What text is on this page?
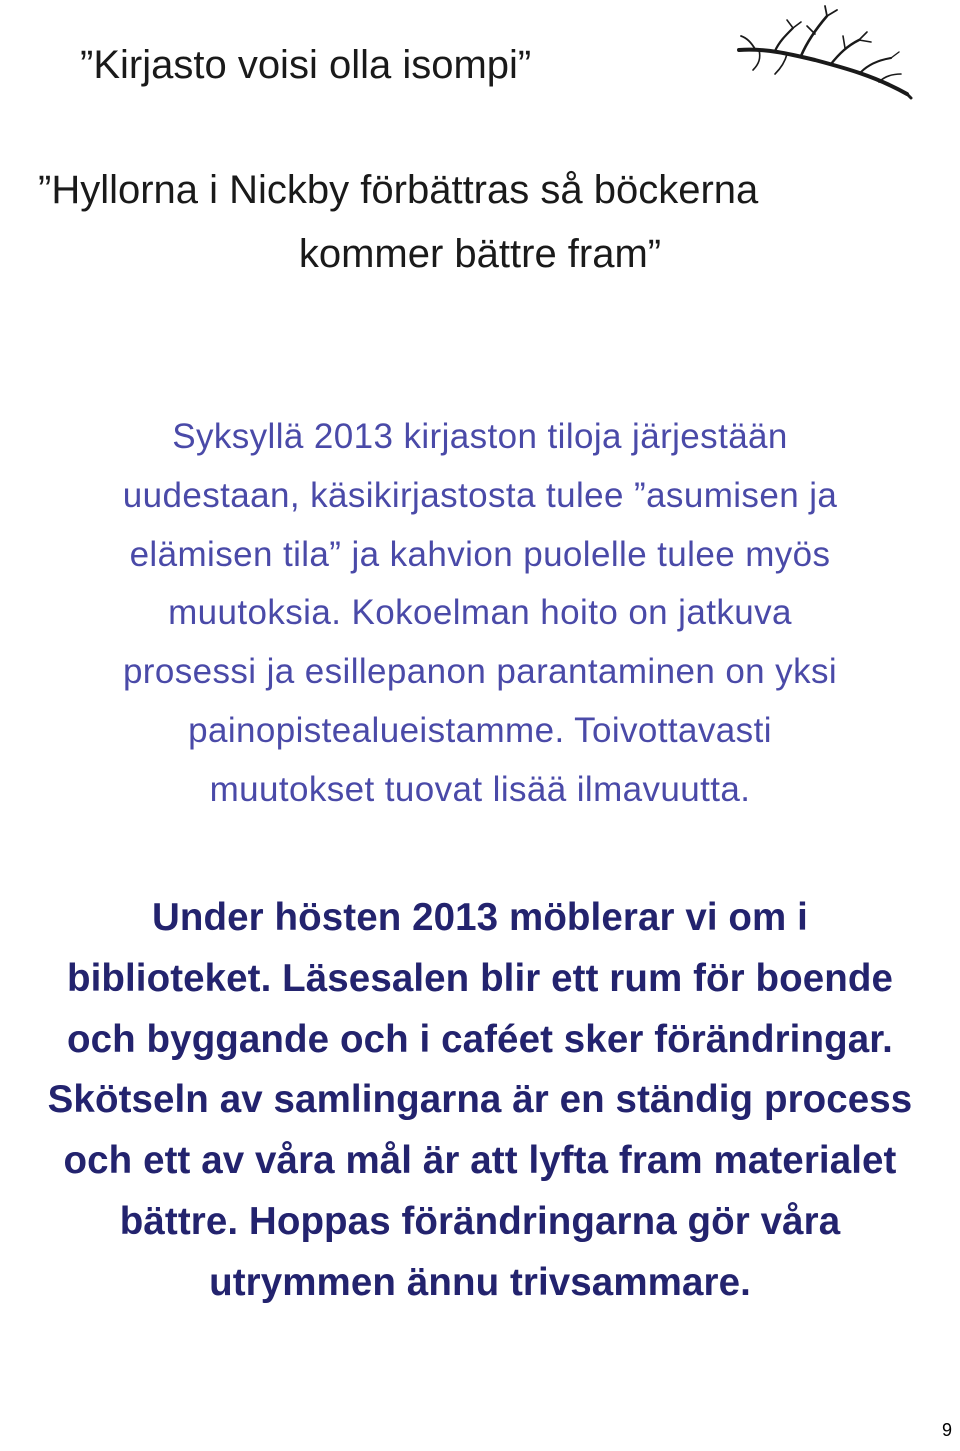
”Kirjasto voisi olla isompi”

”Hyllorna i Nickby förbättras så böckerna
kommer bättre fram”
Syksyllä 2013 kirjaston tiloja järjestään
uudestaan, käsikirjastosta tulee ”asumisen ja
elämisen tila” ja kahvion puolelle tulee myös
muutoksia. Kokoelman hoito on jatkuva
prosessi ja esillepanon parantaminen on yksi
painopistealueistamme. Toivottavasti
muutokset tuovat lisää ilmavuutta.
Under hösten 2013 möblerar vi om i
biblioteket. Läsesalen blir ett rum för boende
och byggande och i caféet sker förändringar.
Skötseln av samlingarna är en ständig process
och ett av våra mål är att lyfta fram materialet
bättre. Hoppas förändringarna gör våra
utrymmen ännu trivsammare.
9
